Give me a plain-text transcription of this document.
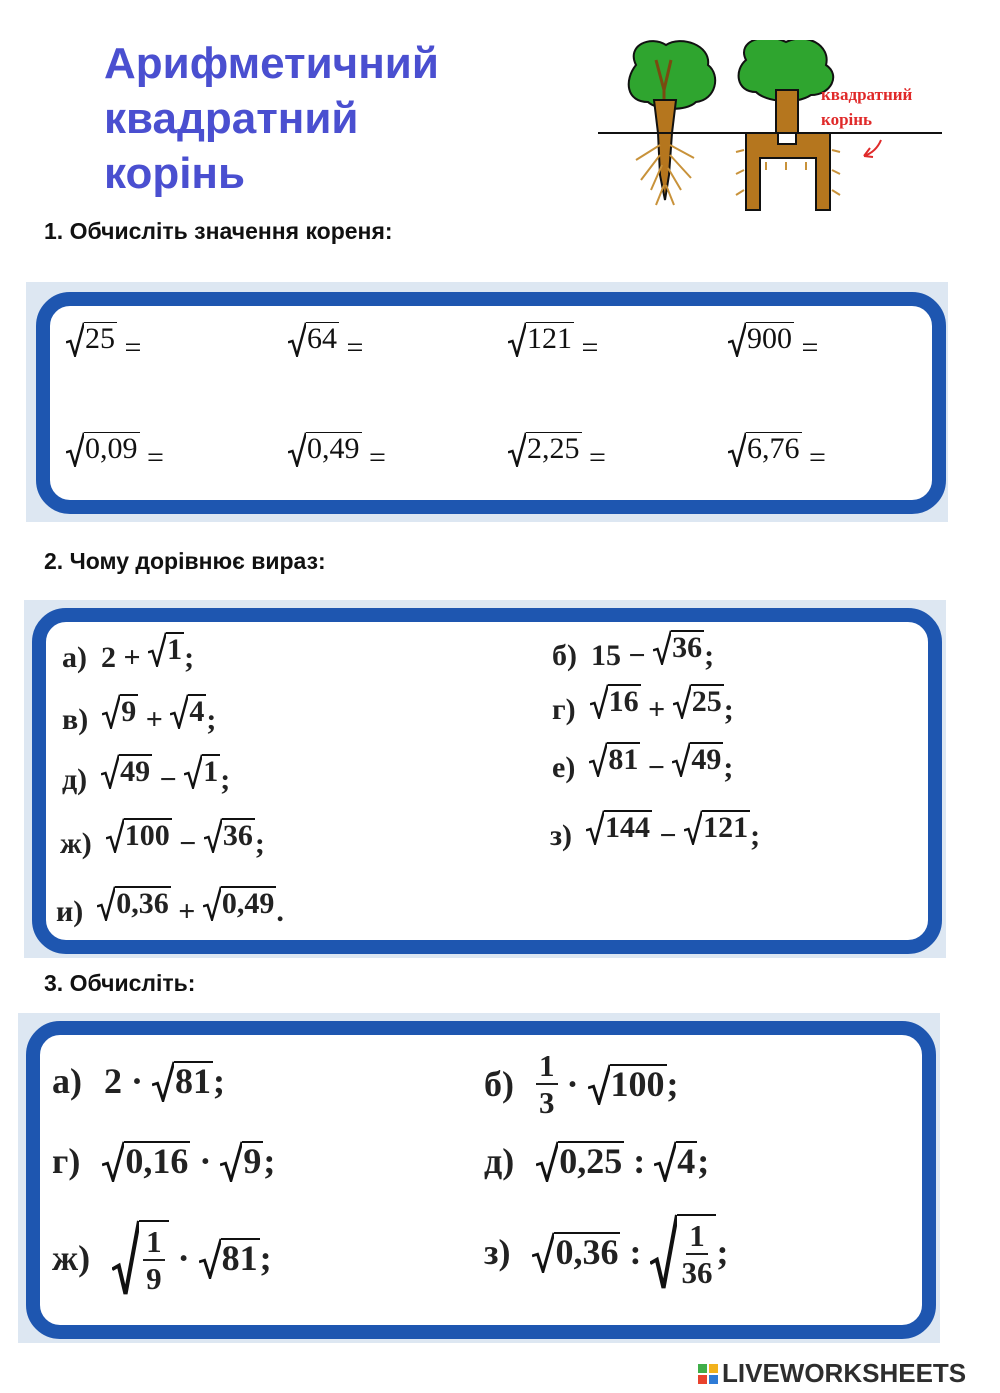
Арифметичний
квадратний
корінь
квадратний
корінь
1. Обчисліть значення кореня:
25 =	64 =	121 =	900 =
0,09 =	0,49 =	2,25 =	6,76 =
2. Чому дорівнює вираз:
а) 2 + 1 ;	б) 15 − 36 ;
в) 9 + 4 ;	г) 16 + 25 ;
д) 49 − 1 ;	е) 81 − 49 ;
ж) 100 − 36 ;	з) 144 − 121 ;
и) 0,36 + 0,49 .
3. Обчисліть:
а) 2 · 81 ;	$б) \frac{1}{3} \cdot 100$ ;
г) 0,16 · 9 ;	д) 0,25 : 4 ;
$ж) \frac{1}{9} \cdot 81$ ;	з) 0,36 : $\frac{1}{36}$ ;
LIVEWORKSHEETS
